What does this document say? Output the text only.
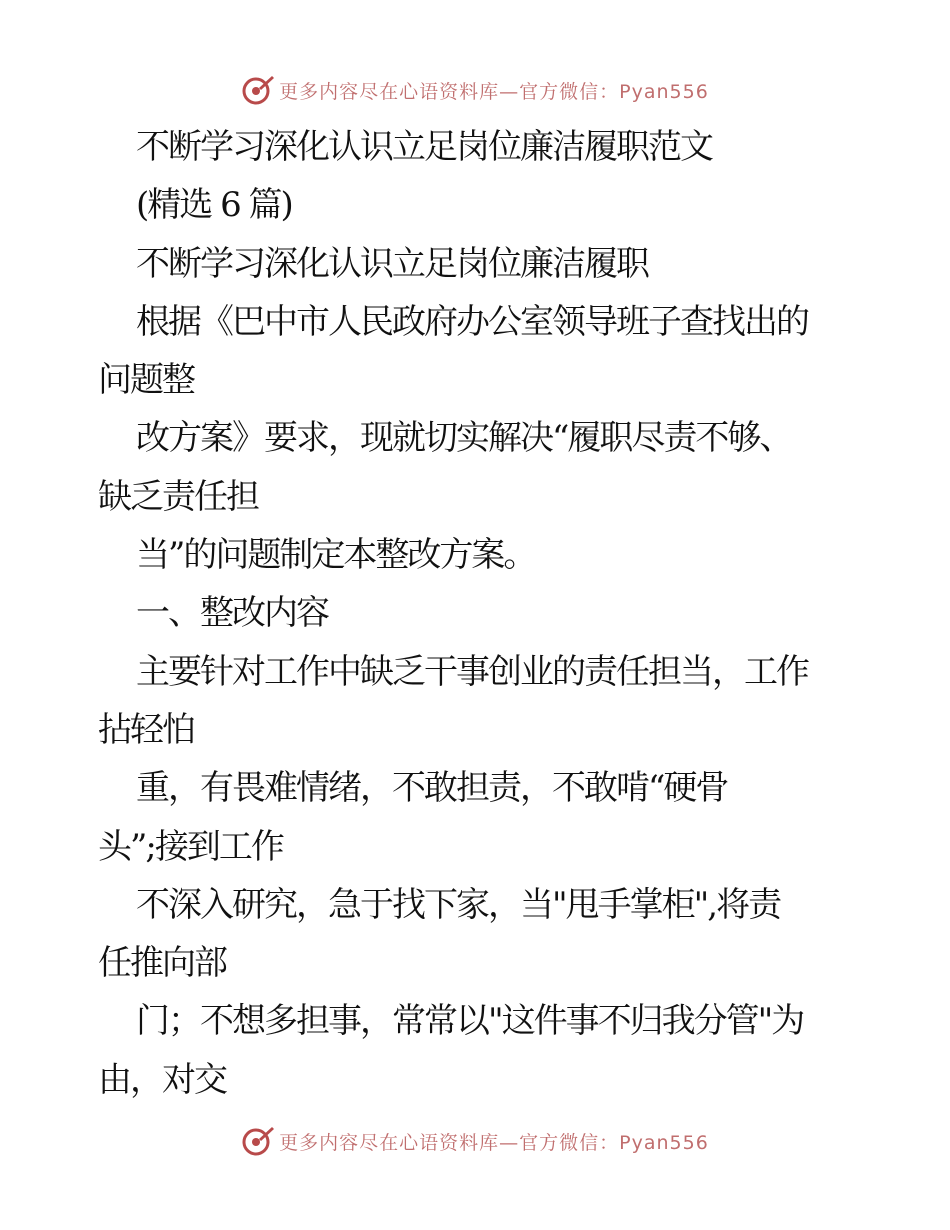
更多内容尽在心语资料库—官方微信：Pyan556
不断学习深化认识立足岗位廉洁履职范文
(精选 6 篇)
不断学习深化认识立足岗位廉洁履职
根据《巴中市人民政府办公室领导班子查找出的
问题整
改方案》要求，现就切实解决“履职尽责不够、
缺乏责任担
当”的问题制定本整改方案。
一、整改内容
主要针对工作中缺乏干事创业的责任担当，工作
拈轻怕
重，有畏难情绪，不敢担责，不敢啃“硬骨
头”;接到工作
不深入研究，急于找下家，当"甩手掌柜",将责
任推向部
门；不想多担事，常常以"这件事不归我分管"为
由，对交
更多内容尽在心语资料库—官方微信：Pyan556
